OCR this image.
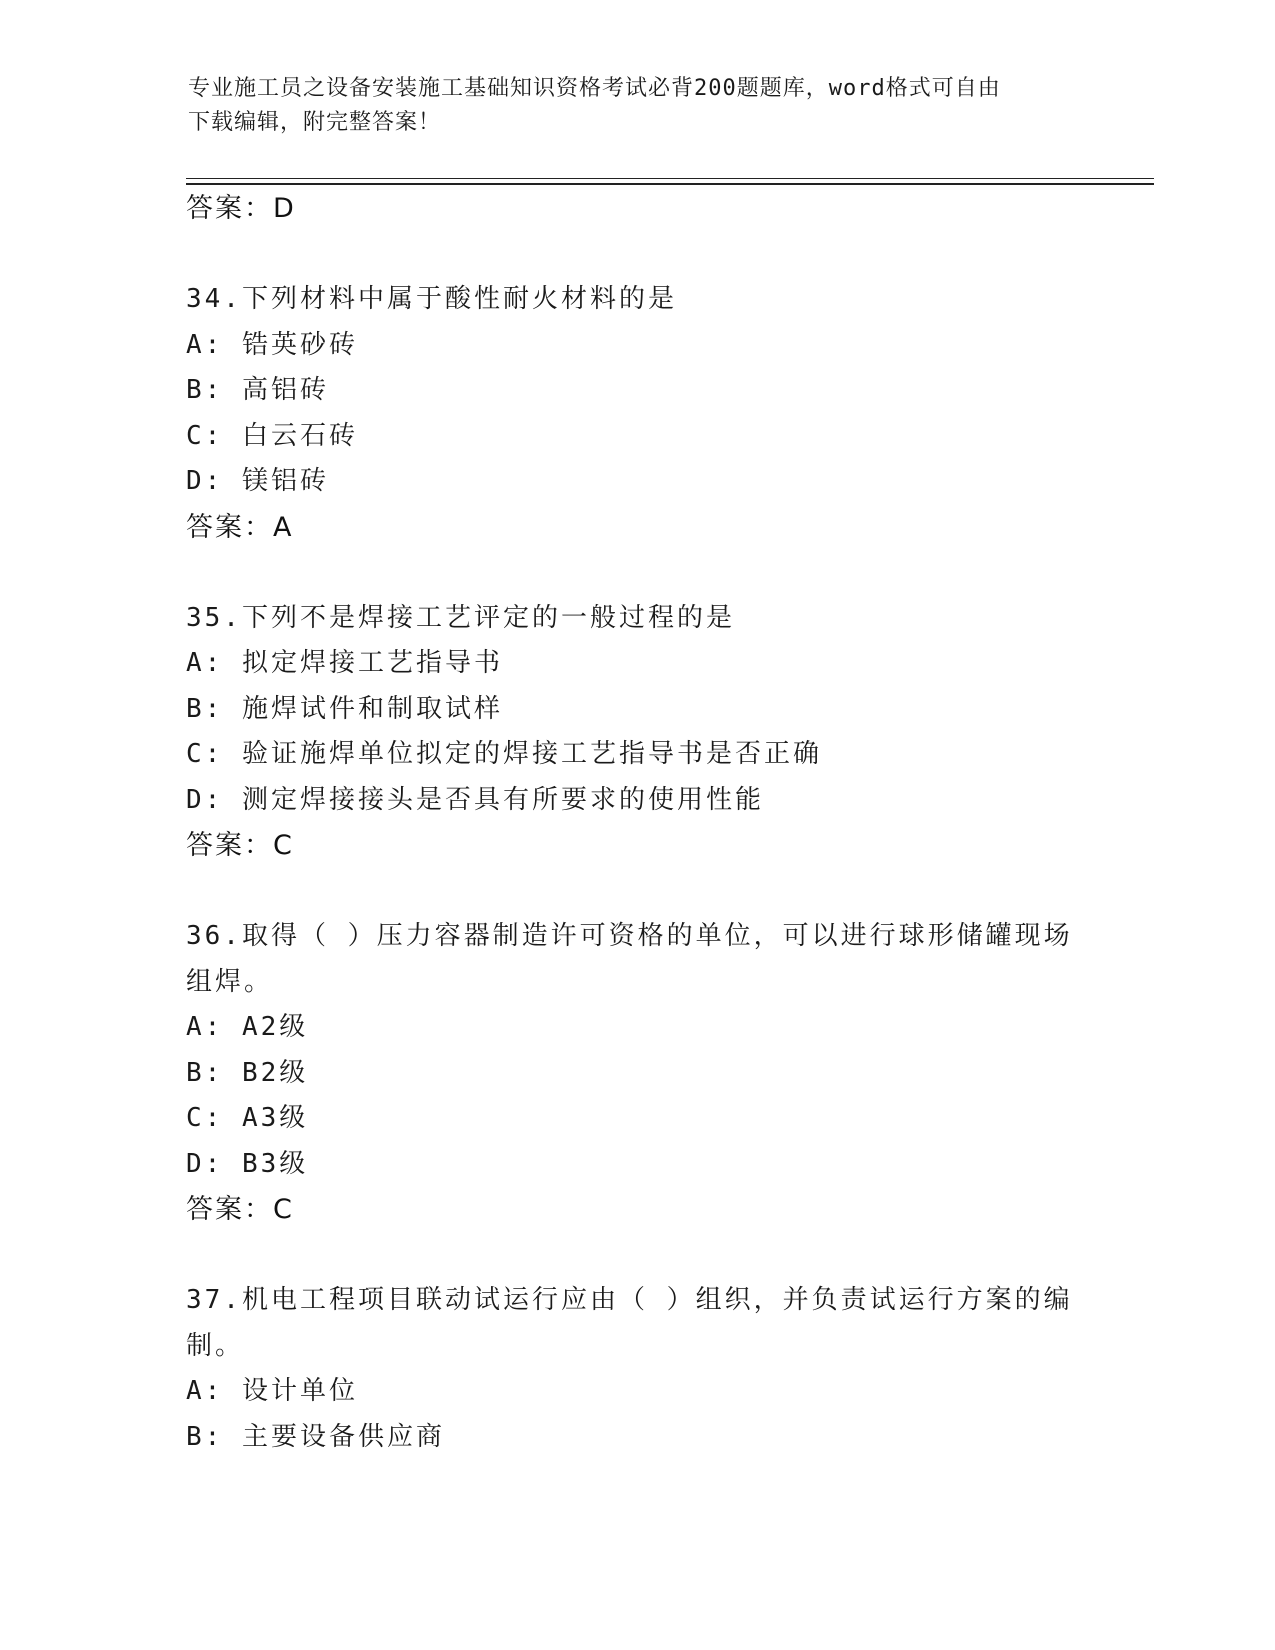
专业施工员之设备安装施工基础知识资格考试必背200题题库，word格式可自由
下载编辑，附完整答案！
答案：D
34.下列材料中属于酸性耐火材料的是
A: 锆英砂砖
B: 高铝砖
C: 白云石砖
D: 镁铝砖
答案：A
35.下列不是焊接工艺评定的一般过程的是
A: 拟定焊接工艺指导书
B: 施焊试件和制取试样
C: 验证施焊单位拟定的焊接工艺指导书是否正确
D: 测定焊接接头是否具有所要求的使用性能
答案：C
36.取得（ ）压力容器制造许可资格的单位，可以进行球形储罐现场
组焊。
A: A2级
B: B2级
C: A3级
D: B3级
答案：C
37.机电工程项目联动试运行应由（ ）组织，并负责试运行方案的编
制。
A: 设计单位
B: 主要设备供应商
